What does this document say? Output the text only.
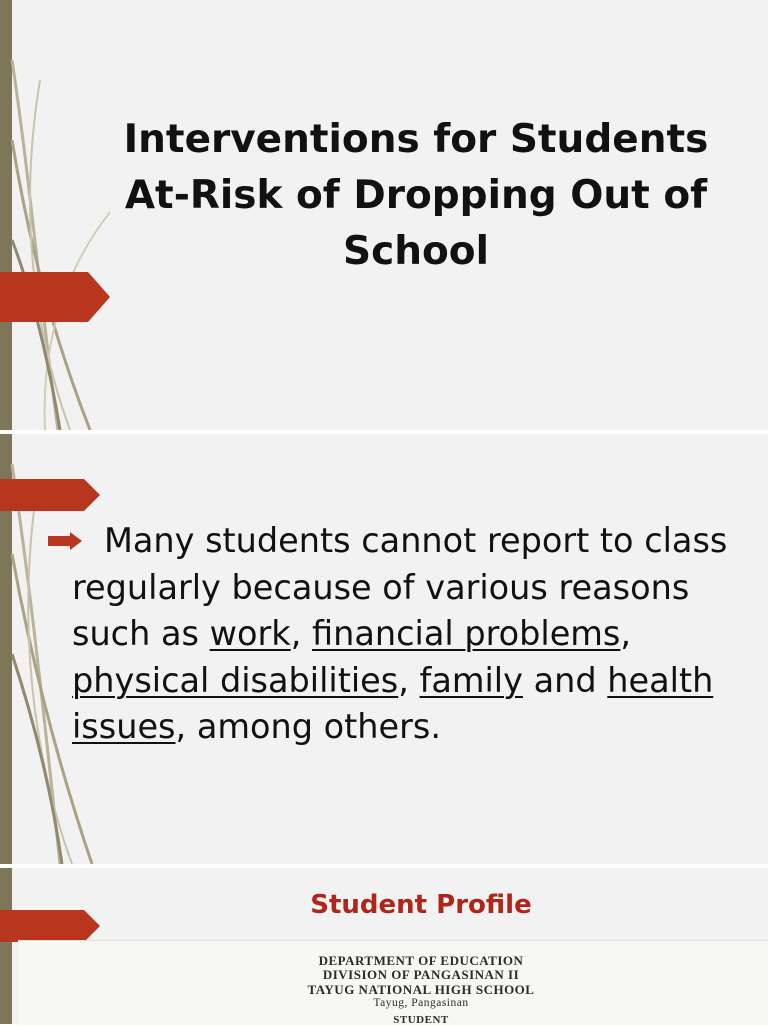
Interventions for Students
At-Risk of Dropping Out of
School

Many students cannot report to class regularly because of various reasons such as work, financial problems, physical disabilities, family and health issues, among others.

Student Profile

DEPARTMENT OF EDUCATION

DIVISION OF PANGASINAN II

TAYUG NATIONAL HIGH SCHOOL

Tayug, Pangasinan

STUDENT
